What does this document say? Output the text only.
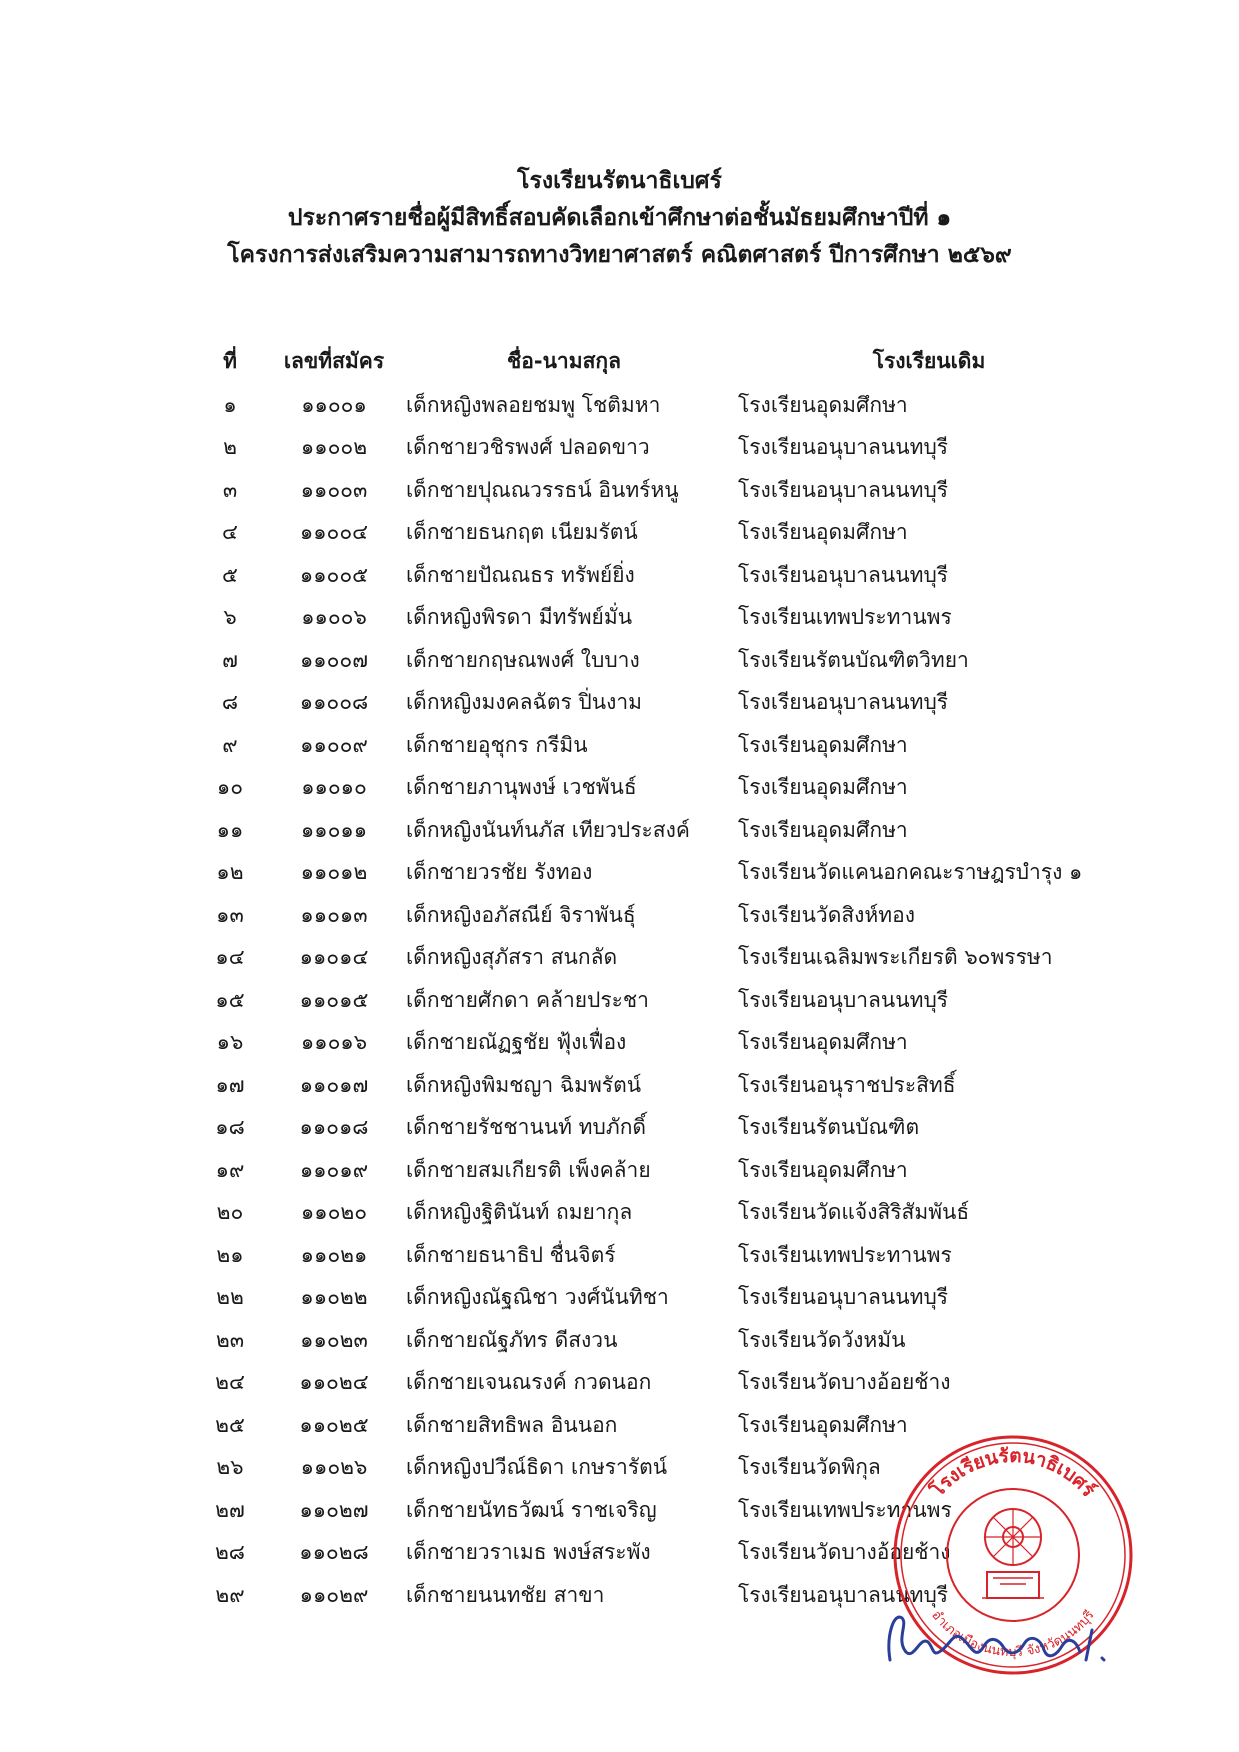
โรงเรียนรัตนาธิเบศร์
ประกาศรายชื่อผู้มีสิทธิ์สอบคัดเลือกเข้าศึกษาต่อชั้นมัธยมศึกษาปีที่ ๑
โครงการส่งเสริมความสามารถทางวิทยาศาสตร์ คณิตศาสตร์ ปีการศึกษา ๒๕๖๙
ที่	เลขที่สมัคร	ชื่อ-นามสกุล	โรงเรียนเดิม
๑	๑๑๐๐๑	เด็กหญิงพลอยชมพู โชติมหา	โรงเรียนอุดมศึกษา
๒	๑๑๐๐๒	เด็กชายวชิรพงศ์ ปลอดขาว	โรงเรียนอนุบาลนนทบุรี
๓	๑๑๐๐๓	เด็กชายปุณณวรรธน์ อินทร์หนู	โรงเรียนอนุบาลนนทบุรี
๔	๑๑๐๐๔	เด็กชายธนกฤต เนียมรัตน์	โรงเรียนอุดมศึกษา
๕	๑๑๐๐๕	เด็กชายปัณณธร ทรัพย์ยิ่ง	โรงเรียนอนุบาลนนทบุรี
๖	๑๑๐๐๖	เด็กหญิงพิรดา มีทรัพย์มั่น	โรงเรียนเทพประทานพร
๗	๑๑๐๐๗	เด็กชายกฤษณพงศ์ ใบบาง	โรงเรียนรัตนบัณฑิตวิทยา
๘	๑๑๐๐๘	เด็กหญิงมงคลฉัตร ปิ่นงาม	โรงเรียนอนุบาลนนทบุรี
๙	๑๑๐๐๙	เด็กชายอุชุกร กรีมิน	โรงเรียนอุดมศึกษา
๑๐	๑๑๐๑๐	เด็กชายภานุพงษ์ เวชพันธ์	โรงเรียนอุดมศึกษา
๑๑	๑๑๐๑๑	เด็กหญิงนันท์นภัส เทียวประสงค์	โรงเรียนอุดมศึกษา
๑๒	๑๑๐๑๒	เด็กชายวรชัย รังทอง	โรงเรียนวัดแคนอกคณะราษฎรบำรุง ๑
๑๓	๑๑๐๑๓	เด็กหญิงอภัสณีย์ จิราพันธุ์	โรงเรียนวัดสิงห์ทอง
๑๔	๑๑๐๑๔	เด็กหญิงสุภัสรา สนกลัด	โรงเรียนเฉลิมพระเกียรติ ๖๐พรรษา
๑๕	๑๑๐๑๕	เด็กชายศักดา คล้ายประชา	โรงเรียนอนุบาลนนทบุรี
๑๖	๑๑๐๑๖	เด็กชายณัฏฐชัย ฟุ้งเฟื่อง	โรงเรียนอุดมศึกษา
๑๗	๑๑๐๑๗	เด็กหญิงพิมชญา ฉิมพรัตน์	โรงเรียนอนุราชประสิทธิ์
๑๘	๑๑๐๑๘	เด็กชายรัชชานนท์ ทบภักดิ์	โรงเรียนรัตนบัณฑิต
๑๙	๑๑๐๑๙	เด็กชายสมเกียรติ เพ็งคล้าย	โรงเรียนอุดมศึกษา
๒๐	๑๑๐๒๐	เด็กหญิงฐิตินันท์ ถมยากุล	โรงเรียนวัดแจ้งสิริสัมพันธ์
๒๑	๑๑๐๒๑	เด็กชายธนาธิป ชื่นจิตร์	โรงเรียนเทพประทานพร
๒๒	๑๑๐๒๒	เด็กหญิงณัฐณิชา วงศ์นันทิชา	โรงเรียนอนุบาลนนทบุรี
๒๓	๑๑๐๒๓	เด็กชายณัฐภัทร ดีสงวน	โรงเรียนวัดวังหมัน
๒๔	๑๑๐๒๔	เด็กชายเจนณรงค์ กวดนอก	โรงเรียนวัดบางอ้อยช้าง
๒๕	๑๑๐๒๕	เด็กชายสิทธิพล อินนอก	โรงเรียนอุดมศึกษา
๒๖	๑๑๐๒๖	เด็กหญิงปวีณ์ธิดา เกษรารัตน์	โรงเรียนวัดพิกุล
๒๗	๑๑๐๒๗	เด็กชายนัทธวัฒน์ ราชเจริญ	โรงเรียนเทพประทานพร
๒๘	๑๑๐๒๘	เด็กชายวราเมธ พงษ์สระพัง	โรงเรียนวัดบางอ้อยช้าง
๒๙	๑๑๐๒๙	เด็กชายนนทชัย สาขา	โรงเรียนอนุบาลนนทบุรี
โรงเรียนรัตนาธิเบศร์
อำเภอเมืองนนทบุรี จังหวัดนนทบุรี
